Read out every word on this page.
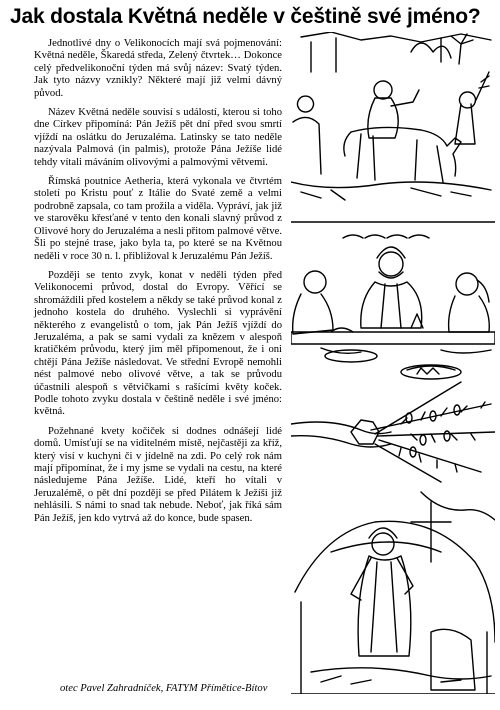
Jak dostala Květná neděle v češtině své jméno?

Jednotlivé dny o Velikonocích mají svá pojmenování: Květná neděle, Škaredá středa, Zelený čtvrtek… Dokonce celý předvelikonoční týden má svůj název: Svatý týden. Jak tyto názvy vznikly? Některé mají již velmi dávný původ.

Název Květná neděle souvisí s událostí, kterou si toho dne Církev připomíná: Pán Ježíš pět dní před svou smrtí vjíždí na oslátku do Jeruzaléma. Latinsky se tato neděle nazývala Palmová (in palmis), protože Pána Ježíše lidé tehdy vítali máváním olivovými a palmovými větvemi.

Římská poutnice Aetheria, která vykonala ve čtvrtém století po Kristu pouť z Itálie do Svaté země a velmi podrobně zapsala, co tam prožila a viděla. Vypráví, jak již ve starověku křesťané v tento den konali slavný průvod z Olivové hory do Jeruzaléma a nesli přitom palmové větve. Šli po stejné trase, jako byla ta, po které se na Květnou neděli v roce 30 n. l. přibližoval k Jeruzalému Pán Ježíš.

Později se tento zvyk, konat v neděli týden před Velikonocemi průvod, dostal do Evropy. Věřící se shromáždili před kostelem a někdy se také průvod konal z jednoho kostela do druhého. Vyslechli si vyprávění některého z evangelistů o tom, jak Pán Ježíš vjíždí do Jeruzaléma, a pak se sami vydali za knězem v alespoň kratičkém průvodu, který jim měl připomenout, že i oni chtějí Pána Ježíše následovat. Ve střední Evropě nemohli nést palmové nebo olivové větve, a tak se průvodu účastnili alespoň s větvičkami s rašícími květy koček. Podle tohoto zvyku dostala v češtině neděle i své jméno: květná.

Požehnané kvety kočiček si dodnes odnášejí lidé domů. Umísťují se na viditelném místě, nejčastěji za kříž, který visí v kuchyni či v jídelně na zdi. Po celý rok nám mají připomínat, že i my jsme se vydali na cestu, na které následujeme Pána Ježíše. Lidé, kteří ho vítali v Jeruzalémě, o pět dní později se před Pilátem k Ježíši již nehlásili. S námi to snad tak nebude. Neboť, jak říká sám Pán Ježíš, jen kdo vytrvá až do konce, bude spasen.

otec Pavel Zahradníček, FATYM Přímětice-Bítov
